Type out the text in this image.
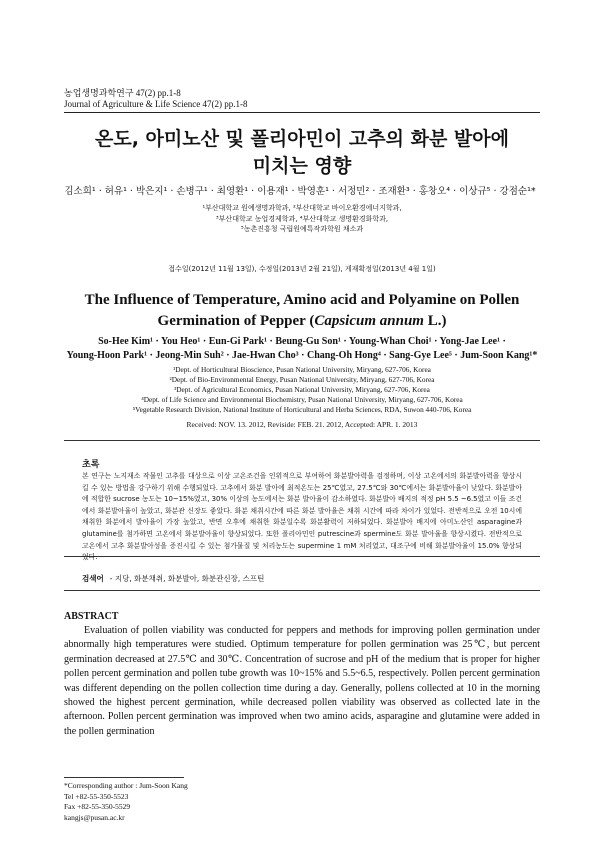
농업생명과학연구 47(2) pp.1-8
Journal of Agriculture & Life Science 47(2) pp.1-8
온도, 아미노산 및 폴리아민이 고추의 화분 발아에
미치는 영향
김소희¹ · 허유¹ · 박은지¹ · 손병구¹ · 최영환¹ · 이용재¹ · 박영훈¹ · 서정민² · 조재환³ · 홍창오⁴ · 이상규⁵ · 강점순¹*
¹부산대학교 원예생명과학과, ²부산대학교 바이오환경에너지학과,
³부산대학교 농업경제학과, ⁴부산대학교 생명환경화학과,
⁵농촌진흥청 국립원예특작과학원 채소과
접수일(2012년 11월 13일), 수정일(2013년 2월 21일), 게재확정일(2013년 4월 1일)
The Influence of Temperature, Amino acid and Polyamine on Pollen
Germination of Pepper (Capsicum annum L.)
So-Hee Kim¹ · You Heo¹ · Eun-Gi Park¹ · Beung-Gu Son¹ · Young-Whan Choi¹ · Yong-Jae Lee¹ ·
Young-Hoon Park¹ · Jeong-Min Suh² · Jae-Hwan Cho³ · Chang-Oh Hong⁴ · Sang-Gye Lee⁵ · Jum-Soon Kang¹*
¹Dept. of Horticultural Bioscience, Pusan National University, Miryang, 627-706, Korea
²Dept. of Bio-Environmental Energy, Pusan National University, Miryang, 627-706, Korea
³Dept. of Agricultural Economics, Pusan National University, Miryang, 627-706, Korea
⁴Dept. of Life Science and Environmental Biochemistry, Pusan National University, Miryang, 627-706, Korea
⁵Vegetable Research Division, National Institute of Horticultural and Herba Sciences, RDA, Suwon 440-706, Korea
Received: NOV. 13. 2012, Reviside: FEB. 21. 2012, Accepted: APR. 1. 2013
초록
본 연구는 노지재소 작물인 고추를 대상으로 이상 고온조건을 인위적으로 부여하여 화분발아력을 검정하며, 이상 고온에서의 화분발아력을 향상시킬 수 있는 방법을 강구하기 위해 수행되었다. 고추에서 화분 발아에 최적온도는 25℃였고, 27.5℃와 30℃에서는 화분발아율이 낮았다. 화분발아에 적합한 sucrose 농도는 10~15%였고, 30% 이상의 농도에서는 화분 발아율이 감소하였다. 화분발아 배지의 적정 pH 5.5 ~6.5였고 이들 조건에서 화분발아율이 높았고, 화분관 신장도 좋았다. 화분 채취시간에 따른 화분 발아율은 채취 시간에 따라 차이가 있었다. 전반적으로 오전 10시에 채취한 화분에서 발아율이 가장 높았고, 반면 오후에 채취한 화분일수록 화분활력이 저하되었다. 화분발아 배지에 아미노산인 asparagine과 glutamine를 첨가하면 고온에서 화분발아율이 향상되었다. 또한 폴리아민인 putrescine과 spermine도 화분 발아율을 향상시켰다. 전반적으로 고온에서 고추 화분발아성을 증진시킬 수 있는 첨가물질 및 처리농도는 supermine 1 mM 처리였고, 대조구에 비해 화분발아율이 15.0% 향상되었다.
검색어 - 지당, 화분채취, 화분발아, 화분관신장, 스프틴
ABSTRACT
Evaluation of pollen viability was conducted for peppers and methods for improving pollen germination under abnormally high temperatures were studied. Optimum temperature for pollen germination was 25℃, but percent germination decreased at 27.5℃ and 30℃. Concentration of sucrose and pH of the medium that is proper for higher pollen percent germination and pollen tube growth was 10~15% and 5.5~6.5, respectively. Pollen percent germination was different depending on the pollen collection time during a day. Generally, pollens collected at 10 in the morning showed the highest percent germination, while decreased pollen viability was observed as collected late in the afternoon. Pollen percent germination was improved when two amino acids, asparagine and glutamine were added in the pollen germination
*Corresponding author : Jum-Soon Kang
Tel +82-55-350-5523
Fax +82-55-350-5529
kangjs@pusan.ac.kr
